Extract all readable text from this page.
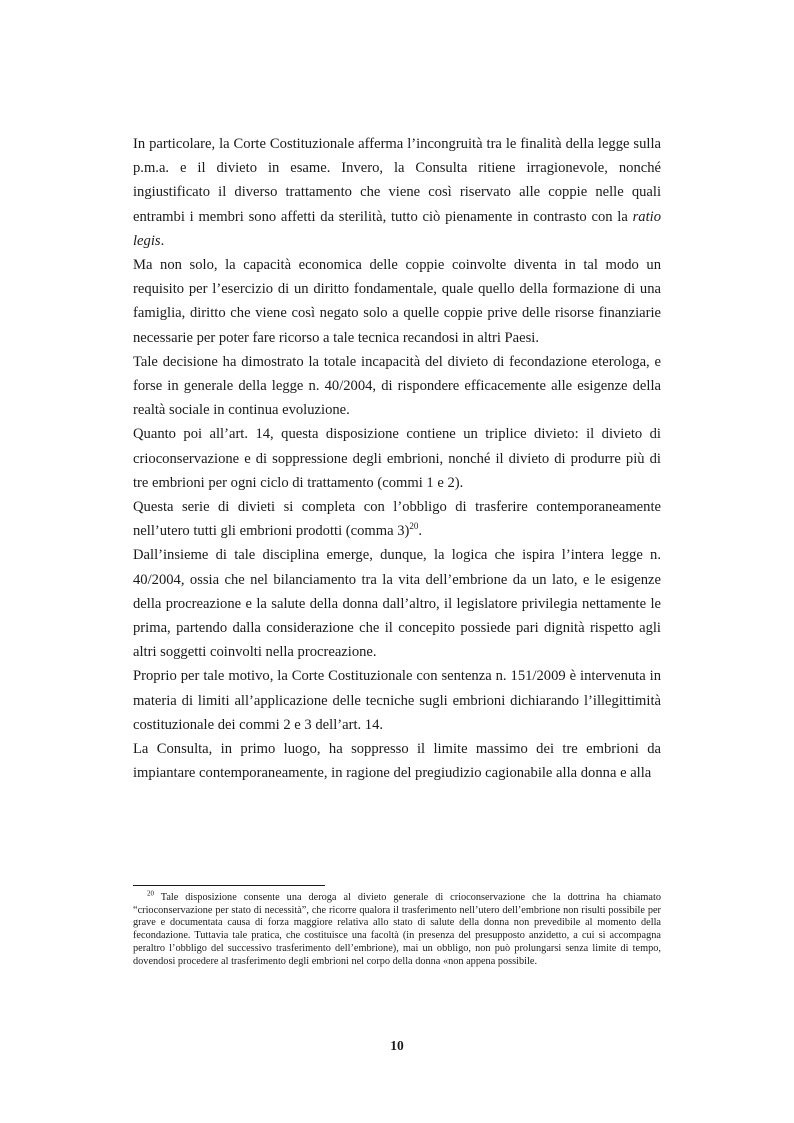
In particolare, la Corte Costituzionale afferma l’incongruità tra le finalità della legge sulla p.m.a. e il divieto in esame. Invero, la Consulta ritiene irragionevole, nonché ingiustificato il diverso trattamento che viene così riservato alle coppie nelle quali entrambi i membri sono affetti da sterilità, tutto ciò pienamente in contrasto con la ratio legis.

Ma non solo, la capacità economica delle coppie coinvolte diventa in tal modo un requisito per l’esercizio di un diritto fondamentale, quale quello della formazione di una famiglia, diritto che viene così negato solo a quelle coppie prive delle risorse finanziarie necessarie per poter fare ricorso a tale tecnica recandosi in altri Paesi.

Tale decisione ha dimostrato la totale incapacità del divieto di fecondazione eterologa, e forse in generale della legge n. 40/2004, di rispondere efficacemente alle esigenze della realtà sociale in continua evoluzione.

Quanto poi all’art. 14, questa disposizione contiene un triplice divieto: il divieto di crioconservazione e di soppressione degli embrioni, nonché il divieto di produrre più di tre embrioni per ogni ciclo di trattamento (commi 1 e 2).

Questa serie di divieti si completa con l’obbligo di trasferire contemporaneamente nell’utero tutti gli embrioni prodotti (comma 3)$^{20}$.

Dall’insieme di tale disciplina emerge, dunque, la logica che ispira l’intera legge n. 40/2004, ossia che nel bilanciamento tra la vita dell’embrione da un lato, e le esigenze della procreazione e la salute della donna dall’altro, il legislatore privilegia nettamente le prima, partendo dalla considerazione che il concepito possiede pari dignità rispetto agli altri soggetti coinvolti nella procreazione.

Proprio per tale motivo, la Corte Costituzionale con sentenza n. 151/2009 è intervenuta in materia di limiti all’applicazione delle tecniche sugli embrioni dichiarando l’illegittimità costituzionale dei commi 2 e 3 dell’art. 14.

La Consulta, in primo luogo, ha soppresso il limite massimo dei tre embrioni da impiantare contemporaneamente, in ragione del pregiudizio cagionabile alla donna e alla

$^{20}$ Tale disposizione consente una deroga al divieto generale di crioconservazione che la dottrina ha chiamato “crioconservazione per stato di necessità”, che ricorre qualora il trasferimento nell’utero dell’embrione non risulti possibile per grave e documentata causa di forza maggiore relativa allo stato di salute della donna non prevedibile al momento della fecondazione. Tuttavia tale pratica, che costituisce una facoltà (in presenza del presupposto anzidetto, a cui si accompagna peraltro l’obbligo del successivo trasferimento dell’embrione), mai un obbligo, non può prolungarsi senza limite di tempo, dovendosi procedere al trasferimento degli embrioni nel corpo della donna «non appena possibile.

10
